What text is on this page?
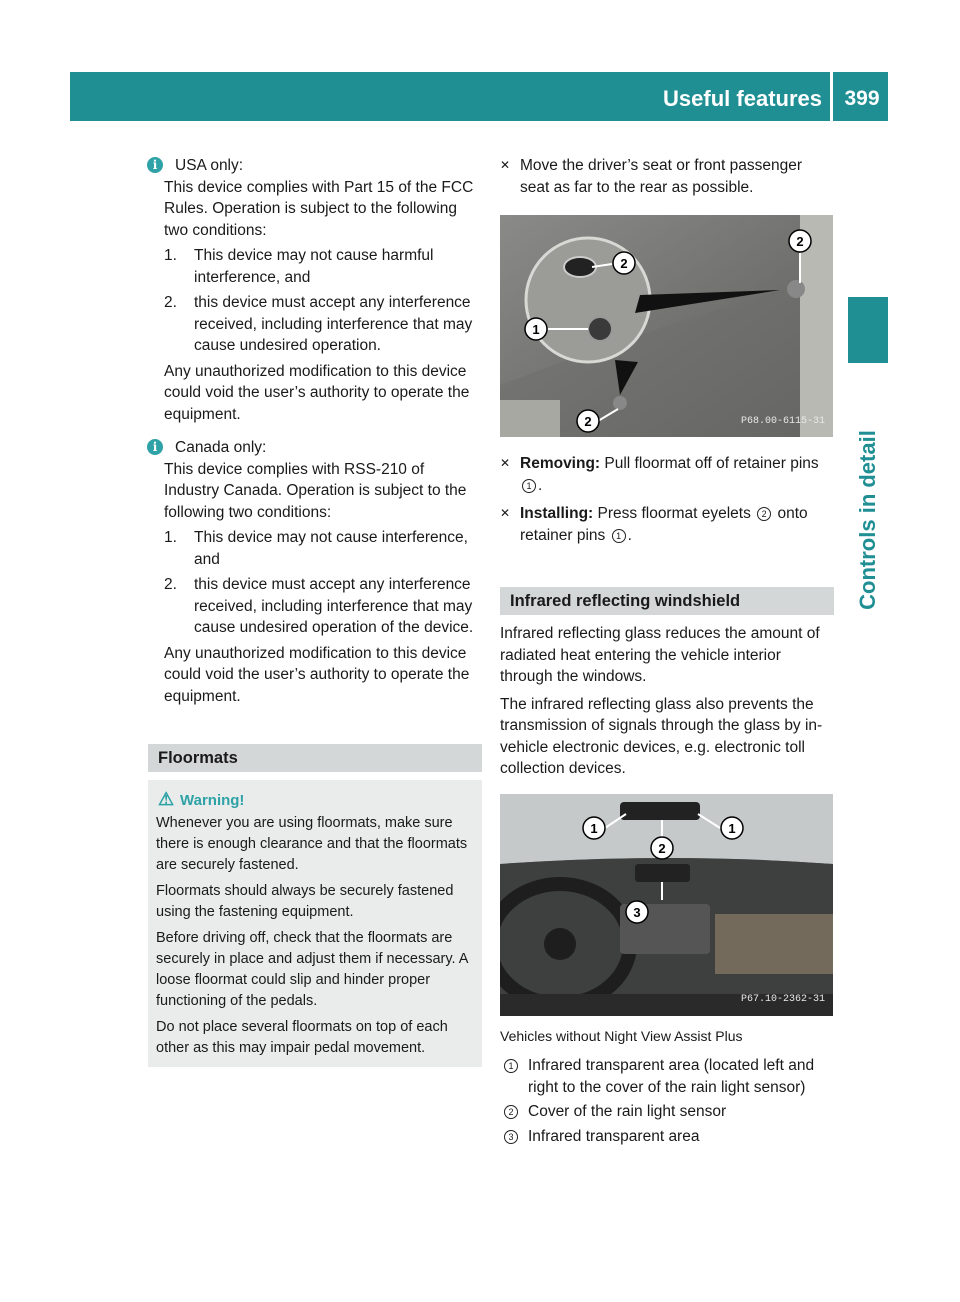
Useful features	399
Controls in detail
i	USA only:

This device complies with Part 15 of the FCC Rules. Operation is subject to the following two conditions:

1. This device may not cause harmful interference, and
2. this device must accept any interference received, including interference that may cause undesired operation.

Any unauthorized modification to this device could void the user’s authority to operate the equipment.

i	Canada only:

This device complies with RSS-210 of Industry Canada. Operation is subject to the following two conditions:

1. This device may not cause interference, and
2. this device must accept any interference received, including interference that may cause undesired operation of the device.

Any unauthorized modification to this device could void the user’s authority to operate the equipment.

Floormats
⚠ Warning!

Whenever you are using floormats, make sure there is enough clearance and that the floormats are securely fastened.

Floormats should always be securely fastened using the fastening equipment.

Before driving off, check that the floormats are securely in place and adjust them if necessary. A loose floormat could slip and hinder proper functioning of the pedals.

Do not place several floormats on top of each other as this may impair pedal movement.

✕ Move the driver’s seat or front passenger seat as far to the rear as possible.
2
1
2
2	P68.00-6115-31
✕ Removing: Pull floormat off of retainer pins 1 .
✕ Installing: Press floormat eyelets 2 onto retainer pins 1 .
Infrared reflecting windshield

Infrared reflecting glass reduces the amount of radiated heat entering the vehicle interior through the windows.

The infrared reflecting glass also prevents the transmission of signals through the glass by in-vehicle electronic devices, e.g. electronic toll collection devices.

1	1
2
3
P67.10-2362-31

Vehicles without Night View Assist Plus

1 Infrared transparent area (located left and right to the cover of the rain light sensor)
2 Cover of the rain light sensor
3 Infrared transparent area
